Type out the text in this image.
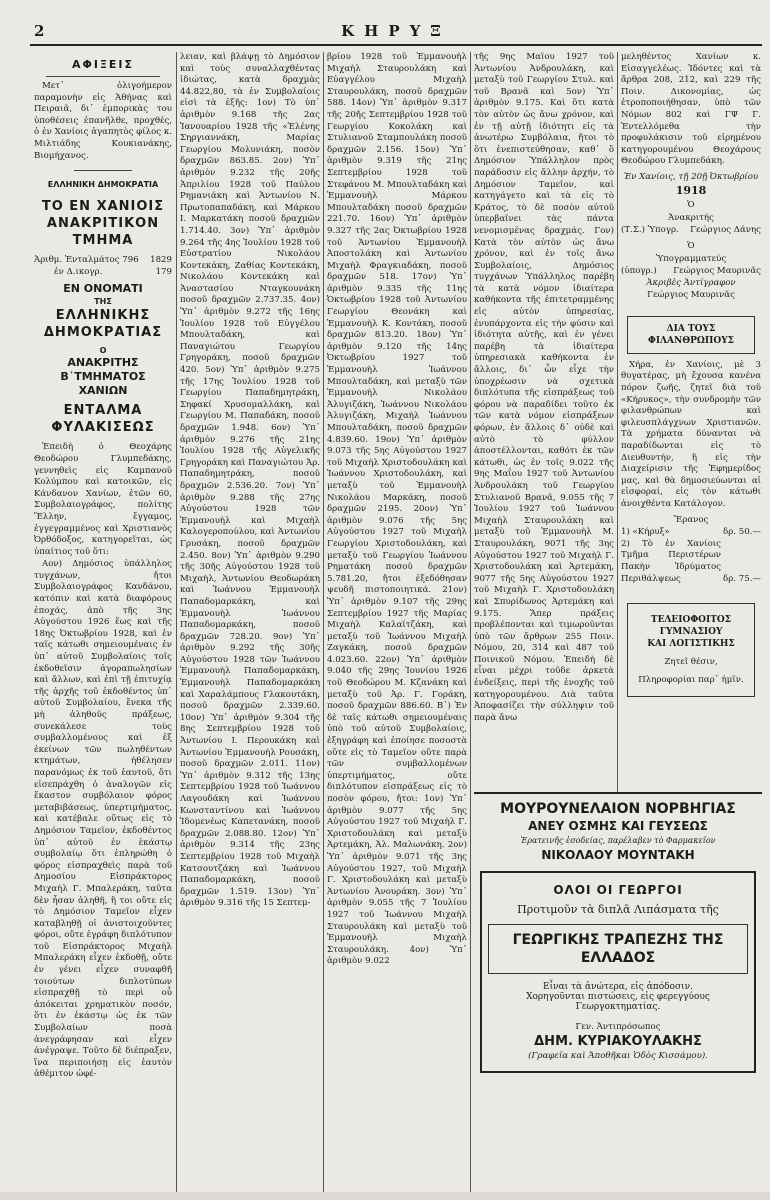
2	ΚΗΡΥΞ
ΑΦΙΞΕΙΣ

Μετ᾿ ὀλιγοήμερον παραμονὴν εἰς Ἀθήνας καὶ Πειραιᾶ, δι᾿ ἐμπορικὰς του ὑποθέσεις ἐπανῆλθε, προχθές, ὁ ἐν Χανίοις ἀγαπητὸς φίλος κ. Μιλτιάδης Κουκιανάκης, Βιομήχανος.

ΕΛΛΗΝΙΚΗ ΔΗΜΟΚΡΑΤΙΑ
ΤΟ ΕΝ ΧΑΝΙΟΙΣ ΑΝΑΚΡΙΤΙΚΟΝ ΤΜΗΜΑ
Ἀριθμ. Ἐνταλμάτος 796 1829
ἐν Δ.ικογρ.	179
ΕΝ ΟΝΟΜΑΤΙ
ΤΗΣ
ΕΛΛΗΝΙΚΗΣ ΔΗΜΟΚΡΑΤΙΑΣ
Ο
ΑΝΑΚΡΙΤΗΣ
Β᾿ΤΜΗΜΑΤΟΣ ΧΑΝΙΩΝ
ΕΝΤΑΛΜΑ ΦΥΛΑΚΙΣΕΩΣ

Ἐπειδὴ ὁ Θεοχάρης Θεοδώρου Γλυμπεδάκης, γεννηθεὶς εἰς Καμπανοῦ Κολύμπου καὶ κατοικῶν, εἰς Κάνδανον Χανίων, ἐτῶν 60, Συμβολαιογράφος, πολίτης Ἕλλην, ἔγγαμος, ἐγγεγραμμένος καὶ Χριστιανὸς Ὀρθόδοξος, κατηγορεῖται, ὡς ὑπαίτιος τοῦ ὅτι:

Αον) Δημόσιος ὑπάλληλος τυγχάνων, ἤτοι Συμβολαιογράφος Κανδάνου, κατόπιν καὶ κατὰ διαφόρους ἐποχάς, ἀπὸ τῆς 3ης Αὐγούστου 1926 ἕως καὶ τῆς 18ης Ὀκτωβρίου 1928, καὶ ἐν ταῖς κάτωθι σημειουμέναις ἐν ὑπ᾿ αὐτοῦ Συμβολαίοις τοῖς ἐκδοθεῖσιν ἀγοραπωλησίων καὶ ἄλλων, καὶ ἐπὶ τῇ ἐπιτυχίᾳ τῆς ἀρχῆς τοῦ ἐκδοθέντος ὑπ᾿ αὐτοῦ Συμβολαίου, ἔνεκα τῆς μὴ ἀληθοῦς πράξεως, συνεκάλεσε τοὺς συμβαλλομένους καὶ ἐξ ἐκείνων τῶν πωληθέντων κτημάτων, ἠθέλησεν παρανόμως ἐκ τοῦ ἑαυτοῦ, ὅτι εἰσεπράχθη ὁ ἀναλογῶν εἰς ἕκαστον συμβόλαιον φόρος μεταβιβάσεως, ὑπερτιμήματος, καὶ κατέβαλε οὕτως εἰς τὸ Δημόσιον Ταμεῖον, ἐκδοθέντος ὑπ᾿ αὐτοῦ ἐν ἑκάστῳ συμβολαίῳ ὅτι ἐπληρώθη ὁ φόρος εἰσπραχθεὶς παρὰ τοῦ Δημοσίου Εἰσπράκτορος Μιχαὴλ Γ. Μπαλεράκη, ταῦτα δὲν ἦσαν ἀληθῆ, ἢ τοι οὔτε εἰς τὸ Δημόσιον Ταμεῖον εἶχεν καταβληθῇ οἱ ἀνιστοιχοῦντες φόροι, οὔτε ἐγράφη διπλότυπον τοῦ Εἰσπράκτορος Μιχαὴλ Μπαλεράκη εἶχεν ἐκδοθῇ, οὔτε ἐν γένει εἶχεν συναφθῆ τοιούτων διπλοτύπων εἰσπραχθῇ τὸ περὶ οὗ ἀπόκειται χρηματικὸν ποσόν, ὅτι ἐν ἑκάστῳ ὡς ἐκ τῶν Συμβολαίων ποσὰ ἀνεγράφησαν καὶ εἶχεν ἀνέγραψε. Τοῦτο δὲ διέπραξεν, ἵνα περιποιήσῃ εἰς ἑαυτὸν ἀθέμιτον ὠφέ-

λειαν, καὶ βλάψῃ τὸ Δημόσιον καὶ τοὺς συναλλαχθέντας ἰδιώτας, κατὰ δραχμὰς 44.822,80, τὰ ἐν Συμβολαίοις εἰσὶ τὰ ἑξῆς: 1ον) Τὸ ὑπ᾿ ἀριθμὸν 9.168 τῆς 2ας Ἰανουαρίου 1928 τῆς «Ἑλένης Σηργιαννάκη, Μαρίας Γεωργίου Μολυνιάκη, ποσὸν δραχμῶν 863.85. 2ον) Ὑπ᾿ ἀριθμὸν 9.232 τῆς 20ῆς Ἀπριλίου 1928 τοῦ Παύλου Ρημανιάκη καὶ Ἀντωνίου Ν. Πρωτοπαπαδάκη, καὶ Μάρκου Ι. Μαρκατάκη ποσοῦ δραχμῶν 1.714.40. 3ον) Ὑπ᾿ ἀριθμὸν 9.264 τῆς 4ης Ἰουλίου 1928 τοῦ Εὐστρατίου Νικολάου Κοντεκάκη, Ζαθίας Κοντεκάκη, Νικολάου Κοντεκάκη καὶ Ἀναστασίου Νταγκουνάκη ποσοῦ δραχμῶν 2.737.35. 4ον) Ὑπ᾿ ἀριθμὸν 9.272 τῆς 16ης Ἰουλίου 1928 τοῦ Εὐγγέλου Μπουλταδάκη, καὶ Παναγιώτου Γεωργίου Γρηγοράκη, ποσοῦ δραχμῶν 420. 5ον) Ὑπ᾿ ἀριθμὸν 9.275 τῆς 17ης Ἰουλίου 1928 τοῦ Γεωργίου Παπαδημητράκη, Σηφακί Χρυσομαλλάκη, καὶ Γεωργίου Μ. Παπαδάκη, ποσοῦ δραχμῶν 1.948. 6ον) Ὑπ᾿ ἀριθμὸν 9.276 τῆς 21ης Ἰουλίου 1928 τῆς Αὐγελικῆς Γρηγοράκη καὶ Παναγιώτου Ἀρ. Παπαδημητράκη, ποσοῦ δραχμῶν 2.536.20. 7ον) Ὑπ᾿ ἀριθμὸν 9.288 τῆς 27ης Αὐγούστου 1928 τῶν Ἐμμανουὴλ καὶ Μιχαὴλ Καλογεροπούλου, καὶ Ἀντωνίου Γρυσάκη, ποσοῦ δραχμῶν 2.450. 8ον) Ὑπ᾿ ἀριθμὸν 9.290 τῆς 30ῆς Αὐγούστου 1928 τοῦ Μιχαὴλ, Ἀντωνίου Θεοδωράκη καὶ Ἰωάννου Ἐμμανουὴλ Παπαδομαρκάκη, καὶ Ἐμμανουὴλ Ἰωάννου Παπαδομαρκάκη, ποσοῦ δραχμῶν 728.20. 9ον) Ὑπ᾿ ἀριθμὸν 9.292 τῆς 30ῆς Αὐγούστου 1928 τῶν Ἰωάννου Ἐμμανουὴλ Παπαδομαρκάκη, Ἐμμανουὴλ Παπαδομαρκάκη καὶ Χαραλάμπους Γλακουτάκη, ποσοῦ δραχμῶν 2.339.60. 10ον) Ὑπ᾿ ἀριθμὸν 9.304 τῆς 8ης Σεπτεμβρίου 1928 τοῦ Ἀντωνίου Ι. Περουκάκη καὶ Ἀντωνίου Ἐμμανουὴλ Ρουσάκη, ποσοῦ δραχμῶν 2.011. 11ον) Ὑπ᾿ ἀριθμὸν 9.312 τῆς 13ης Σεπτεμβρίου 1928 τοῦ Ἰωάννου Λαγουδάκη καὶ Ἰωάννου Κωνσταντίνου καὶ Ἰωάννου Ἰδομενέως Καπετανάκη, ποσοῦ δραχμῶν 2.088.80. 12ον) Ὑπ᾿ ἀριθμὸν 9.314 τῆς 23ης Σεπτεμβρίου 1928 τοῦ Μιχαὴλ Κατσουτζάκη καὶ Ἰωάννου Παπαδομαρκάκη, ποσοῦ δραχμῶν 1.519. 13ον) Ὑπ᾿ ἀριθμὸν 9.316 τῆς 15 Σεπτεμ-

βρίου 1928 τοῦ Ἐμμανουὴλ Μιχαὴλ Σταυρουλάκη καὶ Εὐαγγέλου Μιχαὴλ Σταυρουλάκη, ποσοῦ δραχμῶν 588. 14ον) Ὑπ᾿ ἀριθμὸν 9.317 τῆς 20ῆς Σεπτεμβρίου 1928 τοῦ Γεωργίου Κοκολάκη καὶ Στυλιανοῦ Σταμπουλάκη ποσοῦ δραχμῶν 2.156. 15ον) Ὑπ᾿ ἀριθμὸν 9.319 τῆς 21ης Σεπτεμβρίου 1928 τοῦ Στεφάνου Μ. Μπουλταδάκη καὶ Ἐμμανουὴλ Μάρκου Μπουλταδάκη ποσοῦ δραχμῶν 221.70. 16ον) Ὑπ᾿ ἀριθμὸν 9.327 τῆς 2ας Ὀκτωβρίου 1928 τοῦ Ἀντωνίου Ἐμμανουὴλ Ἀποστολάκη καὶ Ἀντωνίου Μιχαὴλ Φραγκιαδάκη, ποσοῦ δραχμῶν 518. 17ον) Ὑπ᾿ ἀριθμὸν 9.335 τῆς 11ης Ὀκτωβρίου 1928 τοῦ Ἀντωνίου Γεωργίου Θεονάκη καὶ Ἐμμανουὴλ Κ. Κοντάκη, ποσοῦ δραχμῶν 813.20. 18ον) Ὑπ᾿ ἀριθμὸν 9.120 τῆς 14ης Ὀκτωβρίου 1927 τοῦ Ἐμμανουὴλ Ἰωάννου Μπουλταδάκη, καὶ μεταξὺ τῶν Ἐμμανουὴλ Νικολάου Ἀλυγιζάκη, Ἰωάννου Νικολάου Ἀλυγιζάκη, Μιχαὴλ Ἰωάννου Μπουλταδάκη, ποσοῦ δραχμῶν 4.839.60. 19ον) Ὑπ᾿ ἀριθμὸν 9.073 τῆς 5ης Αὐγούστου 1927 τοῦ Μιχαὴλ Χριστοδουλάκη καὶ Ἰωάννου Χριστοδουλάκη, καὶ μεταξὺ τοῦ Ἐμμανουὴλ Νικολάου Μαρκάκη, ποσοῦ δραχμῶν 2195. 20ον) Ὑπ᾿ ἀριθμὸν 9.076 τῆς 5ης Αὐγούστου 1927 τοῦ Μιχαὴλ Γεωργίου Χριστοδουλάκη, καὶ μεταξὺ τοῦ Γεωργίου Ἰωάννου Ρηματάκη ποσοῦ δραχμῶν 5.781.20, ἤτοι ἐξεδόθησαν ψευδῆ πιστοποιητικά. 21ον) Ὑπ᾿ ἀριθμὸν 9.107 τῆς 29ης Σεπτεμβρίου 1927 τῆς Μαρίας Μιχαὴλ Καλαϊτζάκη, καὶ μεταξὺ τοῦ Ἰωάννου Μιχαὴλ Ζαγκάκη, ποσοῦ δραχμῶν 4.023.60. 22ον) Ὑπ᾿ ἀριθμὸν 9.040 τῆς 29ης Ἰουνίου 1926 τοῦ Θεοδώρου Μ. Κζανάκη καὶ μεταξὺ τοῦ Ἀρ. Γ. Γοράκη, ποσοῦ δραχμῶν 886.60. Β᾿) Ἐν δὲ ταῖς κάτωθι σημειουμέναις ὑπὸ τοῦ αὐτοῦ Συμβολαίοις, ἐξηγράφη καὶ ἐποίησε ποσοστὰ οὔτε εἰς τὸ Ταμεῖον οὔτε παρὰ τῶν συμβαλλομένων ὑπερτιμήματος, οὔτε διπλότυπον εἰσπράξεως εἰς τὸ ποσὸν φόρου, ἤτοι: 1ον) Ὑπ᾿ ἀριθμὸν 9.077 τῆς 5ης Αὐγούστου 1927 τοῦ Μιχαὴλ Γ. Χριστοδουλάκη καὶ μεταξὺ Ἀρτεμάκη, Ἀλ. Μαλωνάκη. 2ον) Ὑπ᾿ ἀριθμὸν 9.071 τῆς 3ης Αὐγούστου 1927, τοῦ Μιχαὴλ Γ. Χριστοδουλάκη καὶ μεταξὺ Ἀντωνίου Ἀνουράκη. 3ον) Ὑπ᾿ ἀριθμὸν 9.055 τῆς 7 Ἰουλίου 1927 τοῦ Ἰωάννου Μιχαὴλ Σταυρουλάκη καὶ μεταξὺ τοῦ Ἐμμανουὴλ Μιχαὴλ Σταυρουλάκη. 4ον) Ὑπ᾿ ἀριθμὸν 9.022

τῆς 9ης Μαΐου 1927 τοῦ Ἀντωνίου Ἀνδρουλάκη, καὶ μεταξὺ τοῦ Γεωργίου Στυλ. καὶ τοῦ Βρανᾶ καὶ 5ον) Ὑπ᾿ ἀριθμὸν 9.175. Καὶ ὅτι κατὰ τὸν αὐτὸν ὡς ἄνω χρόνον, καὶ ἐν τῇ αὐτῇ ἰδιότητι εἰς τὰ ἀνωτέρω Συμβόλαια, ἤτοι τὸ ὅτι ἐνεπιστεύθησαν, καθ᾿ ὃ Δημόσιον Ὑπάλληλον πρὸς παράδοσιν εἰς ἄλλην ἀρχήν, τὸ Δημόσιον Ταμεῖον, καὶ κατηγάγετο καὶ τὰ εἰς τὸ Κράτος, τὸ δὲ ποσὸν αὐτοῦ ὑπερβαῖνει τὰς πάντα νενομισμένας δραχμάς. Γον) Κατὰ τὸν αὐτὸν ὡς ἄνω χρόνον, καὶ ἐν τοῖς ἄνω Συμβολαίοις, Δημόσιος τυγχάνων Ὑπάλληλος παρέβη τὰ κατὰ νόμον ἰδιαίτερα καθήκοντα τῆς ἐπιτετραμμένης εἰς αὐτὸν ὑπηρεσίας, ἐνυπάρχοντα εἰς τὴν φύσιν καὶ ἰδιότητα αὐτῆς, καὶ ἐν γένει παρέβη τὰ ἰδιαίτερα ὑπηρεσιακὰ καθήκοντα ἐν ἄλλοις, δι᾿ ὧν εἶχε τὴν ὑποχρέωσιν νὰ σχετικὰ διπλότυπα τῆς εἰσπράξεως τοῦ φόρου νὰ παραδίδει τοῦτο ἐκ τῶν κατὰ νόμον εἰσπράξεων φόρων, ἐν ἄλλοις δ᾿ οὐδὲ καὶ αὐτὸ τὸ φύλλον ἀποστέλλονται, καθότι ἐκ τῶν κάτωθι, ὡς ἐν τοῖς 9.022 τῆς 9ης Μαΐου 1927 τοῦ Ἀντωνίου Ἀνδρουλάκη τοῦ Γεωργίου Στυλιανοῦ Βρανᾶ, 9.055 τῆς 7 Ἰουλίου 1927 τοῦ Ἰωάννου Μιχαὴλ Σταυρουλάκη καὶ μεταξὺ τοῦ Ἐμμανουὴλ Μ. Σταυρουλάκη, 9071 τῆς 3ης Αὐγούστου 1927 τοῦ Μιχαὴλ Γ. Χριστοδουλάκη καὶ Ἀρτεμάκη, 9077 τῆς 5ης Αὐγούστου 1927 τοῦ Μιχαὴλ Γ. Χριστοδουλάκη καὶ Σπυρίδωνος Ἀρτεμάκη καὶ 9.175. Ἅπερ πράξεις προβλέπονται καὶ τιμωροῦνται ὑπὸ τῶν ἄρθρων 255 Ποιν. Νόμου, 20, 314 καὶ 487 τοῦ Ποινικοῦ Νόμου. Ἐπειδὴ δὲ εἶναι μέχρι τοῦδε ἀρκετὰ ἐνδείξεις, περὶ τῆς ἐνοχῆς τοῦ κατηγορουμένου. Διὰ ταῦτα Ἀποφασίζει τὴν σύλληψιν τοῦ παρὰ ἄνω

μεληθέντος Χανίων κ. Εἰσαγγελέως. Ἰδόντες καὶ τὰ ἄρθρα 208, 212, καὶ 229 τῆς Ποιν. Δικονομίας, ὡς ἐτροποποιήθησαν, ὑπὸ τῶν Νόμων 802 καὶ ΓΨ Γ. Ἐντελλόμεθα τὴν προφυλάκισιν τοῦ εἰρημένου κατηγορουμένου Θεοχάρους Θεοδώρου Γλυμπεδάκη.

Ἐν Χανίοις, τῇ 20ῇ Ὀκτωβρίου

1918

Ὁ

Ἀνακριτής

(Τ.Σ.) Ὑπογρ. Γεώργιος Δάνης

Ὁ

Ὑπογραμματεύς

(ὑπογρ.) Γεώργιος Μαυρινᾶς

Ἀκριβὲς Ἀντίγραφον

Γεώργιος Μαυρινᾶς

ΔΙΑ ΤΟΥΣ ΦΙΛΑΝΘΡΩΠΟΥΣ

Χήρα, ἐν Χανίοις, μὲ 3 θυγατέρας, μὴ ἔχουσα κανένα πόρον ζωῆς, ζητεῖ διὰ τοῦ «Κήρυκος», τὴν συνδρομὴν τῶν φιλανθρώπων καὶ φιλευσπλάγχνων Χριστιανῶν. Τὰ χρήματα δύνανται νὰ παραδίδωνται εἰς τὸ Διευθυντήν, ἢ εἰς τὴν Διαχείρισιν τῆς Ἐφημερίδος μας, καὶ θὰ δημοσιεύωνται αἱ εἰσφοραί, εἰς τὸν κάτωθι ἀνοιχθέντα Κατάλογον.

Ἔρανος

1) «Κήρυξ»	δρ. 50.—
2) Τὸ ἐν Χανίοις Τμῆμα Περιστέρων Πακὴν Ἰδρύματος Περιθάλψεως	δρ. 75.—
ΤΕΛΕΙΟΦΟΙΤΟΣ ΓΥΜΝΑΣΙΟΥ
ΚΑΙ ΛΟΓΙΣΤΙΚΗΣ
Ζητεῖ θέσιν,
Πληροφορίαι παρ᾿ ἡμῖν.
ΜΟΥΡΟΥΝΕΛΑΙΟΝ ΝΟΡΒΗΓΙΑΣ
ΑΝΕΥ ΟΣΜΗΣ ΚΑΙ ΓΕΥΣΕΩΣ
Ἐρατεινῆς ἐσοδείας, παρέλαβεν τὸ Φαρμακεῖον
ΝΙΚΟΛΑΟΥ ΜΟΥΝΤΑΚΗ
ΟΛΟΙ ΟΙ ΓΕΩΡΓΟΙ
Προτιμοῦν τὰ διπλᾶ Λιπάσματα τῆς
ΓΕΩΡΓΙΚΗΣ ΤΡΑΠΕΖΗΣ ΤΗΣ ΕΛΛΑΔΟΣ
Εἶναι τὰ ἀνώτερα, εἰς ἀπόδοσιν.
Χορηγοῦνται πιστώσεις, εἰς φερεγγύους Γεωργοκτηματίας.
Γεν. Ἀντιπρόσωπος
ΔΗΜ. ΚΥΡΙΑΚΟΥΛΑΚΗΣ
(Γραφεῖα καὶ Ἀποθῆκαι Ὁδὸς Κισσάμου).
